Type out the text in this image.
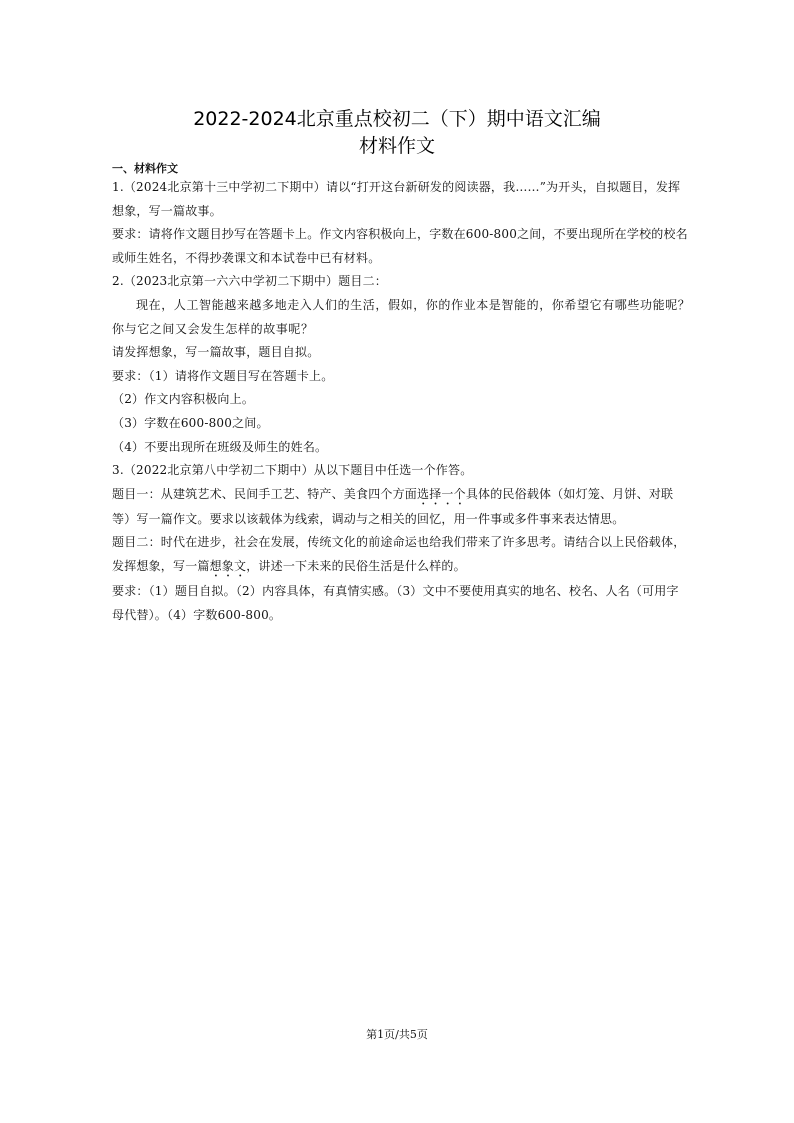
2022-2024北京重点校初二（下）期中语文汇编
材料作文
一、材料作文

1.（2024北京第十三中学初二下期中）请以“打开这台新研发的阅读器，我……”为开头，自拟题目，发挥

想象，写一篇故事。

要求：请将作文题目抄写在答题卡上。作文内容积极向上，字数在600-800之间，不要出现所在学校的校名

或师生姓名，不得抄袭课文和本试卷中已有材料。

2.（2023北京第一六六中学初二下期中）题目二：

现在，人工智能越来越多地走入人们的生活，假如，你的作业本是智能的，你希望它有哪些功能呢？

你与它之间又会发生怎样的故事呢？

请发挥想象，写一篇故事，题目自拟。

要求：（1）请将作文题目写在答题卡上。

（2）作文内容积极向上。

（3）字数在600-800之间。

（4）不要出现所在班级及师生的姓名。

3.（2022北京第八中学初二下期中）从以下题目中任选一个作答。

题目一：从建筑艺术、民间手工艺、特产、美食四个方面选择一个具体的民俗载体（如灯笼、月饼、对联

等）写一篇作文。要求以该载体为线索，调动与之相关的回忆，用一件事或多件事来表达情思。

题目二：时代在进步，社会在发展，传统文化的前途命运也给我们带来了许多思考。请结合以上民俗载体，

发挥想象，写一篇想象文，讲述一下未来的民俗生活是什么样的。

要求：（1）题目自拟。（2）内容具体，有真情实感。（3）文中不要使用真实的地名、校名、人名（可用字

母代替）。（4）字数600-800。

第1页/共5页
